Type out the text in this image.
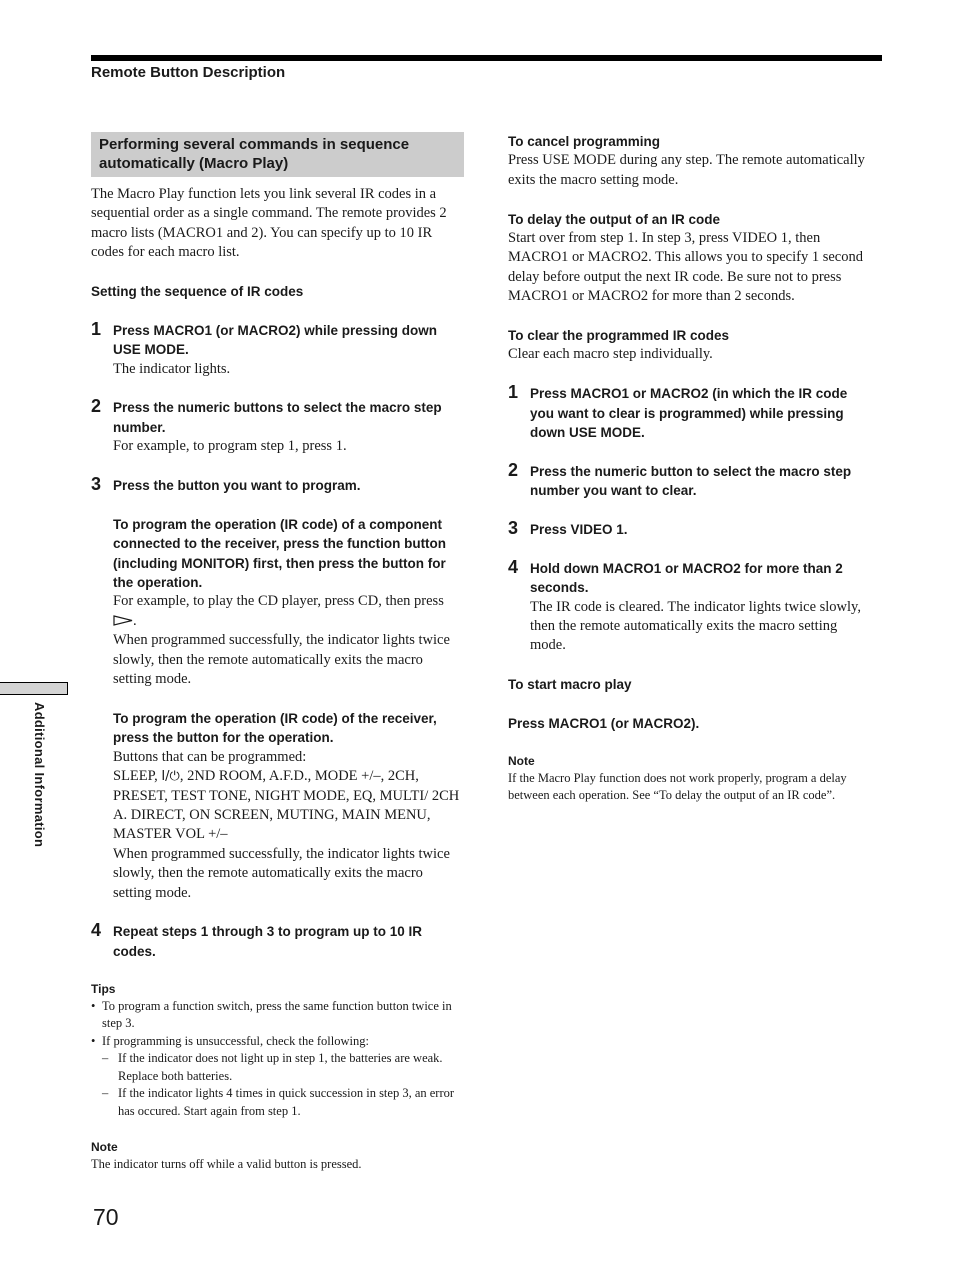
Remote Button Description
Additional Information
Performing several commands in sequence automatically (Macro Play)

The Macro Play function lets you link several IR codes in a sequential order as a single command. The remote provides 2 macro lists (MACRO1 and 2). You can specify up to 10 IR codes for each macro list.

Setting the sequence of IR codes

1 Press MACRO1 (or MACRO2) while pressing down USE MODE.

The indicator lights.

2 Press the numeric buttons to select the macro step number.

For example, to program step 1, press 1.

3 Press the button you want to program.

To program the operation (IR code) of a component connected to the receiver, press the function button (including MONITOR) first, then press the button for the operation.

For example, to play the CD player, press CD, then press .

When programmed successfully, the indicator lights twice slowly, then the remote automatically exits the macro setting mode.

To program the operation (IR code) of the receiver, press the button for the operation.

Buttons that can be programmed:

SLEEP, I/⏻, 2ND ROOM, A.F.D., MODE +/–, 2CH, PRESET, TEST TONE, NIGHT MODE, EQ, MULTI/ 2CH A. DIRECT, ON SCREEN, MUTING, MAIN MENU, MASTER VOL +/–

When programmed successfully, the indicator lights twice slowly, then the remote automatically exits the macro setting mode.

4 Repeat steps 1 through 3 to program up to 10 IR codes.

Tips

• To program a function switch, press the same function button twice in step 3.

• If programming is unsuccessful, check the following:

– If the indicator does not light up in step 1, the batteries are weak. Replace both batteries.

– If the indicator lights 4 times in quick succession in step 3, an error has occured. Start again from step 1.

Note

The indicator turns off while a valid button is pressed.

To cancel programming

Press USE MODE during any step. The remote automatically exits the macro setting mode.

To delay the output of an IR code

Start over from step 1. In step 3, press VIDEO 1, then MACRO1 or MACRO2. This allows you to specify 1 second delay before output the next IR code. Be sure not to press MACRO1 or MACRO2 for more than 2 seconds.

To clear the programmed IR codes

Clear each macro step individually.

1 Press MACRO1 or MACRO2 (in which the IR code you want to clear is programmed) while pressing down USE MODE.

2 Press the numeric button to select the macro step number you want to clear.

3 Press VIDEO 1.

4 Hold down MACRO1 or MACRO2 for more than 2 seconds.

The IR code is cleared. The indicator lights twice slowly, then the remote automatically exits the macro setting mode.

To start macro play

Press MACRO1 (or MACRO2).

Note

If the Macro Play function does not work properly, program a delay between each operation. See “To delay the output of an IR code”.

70
